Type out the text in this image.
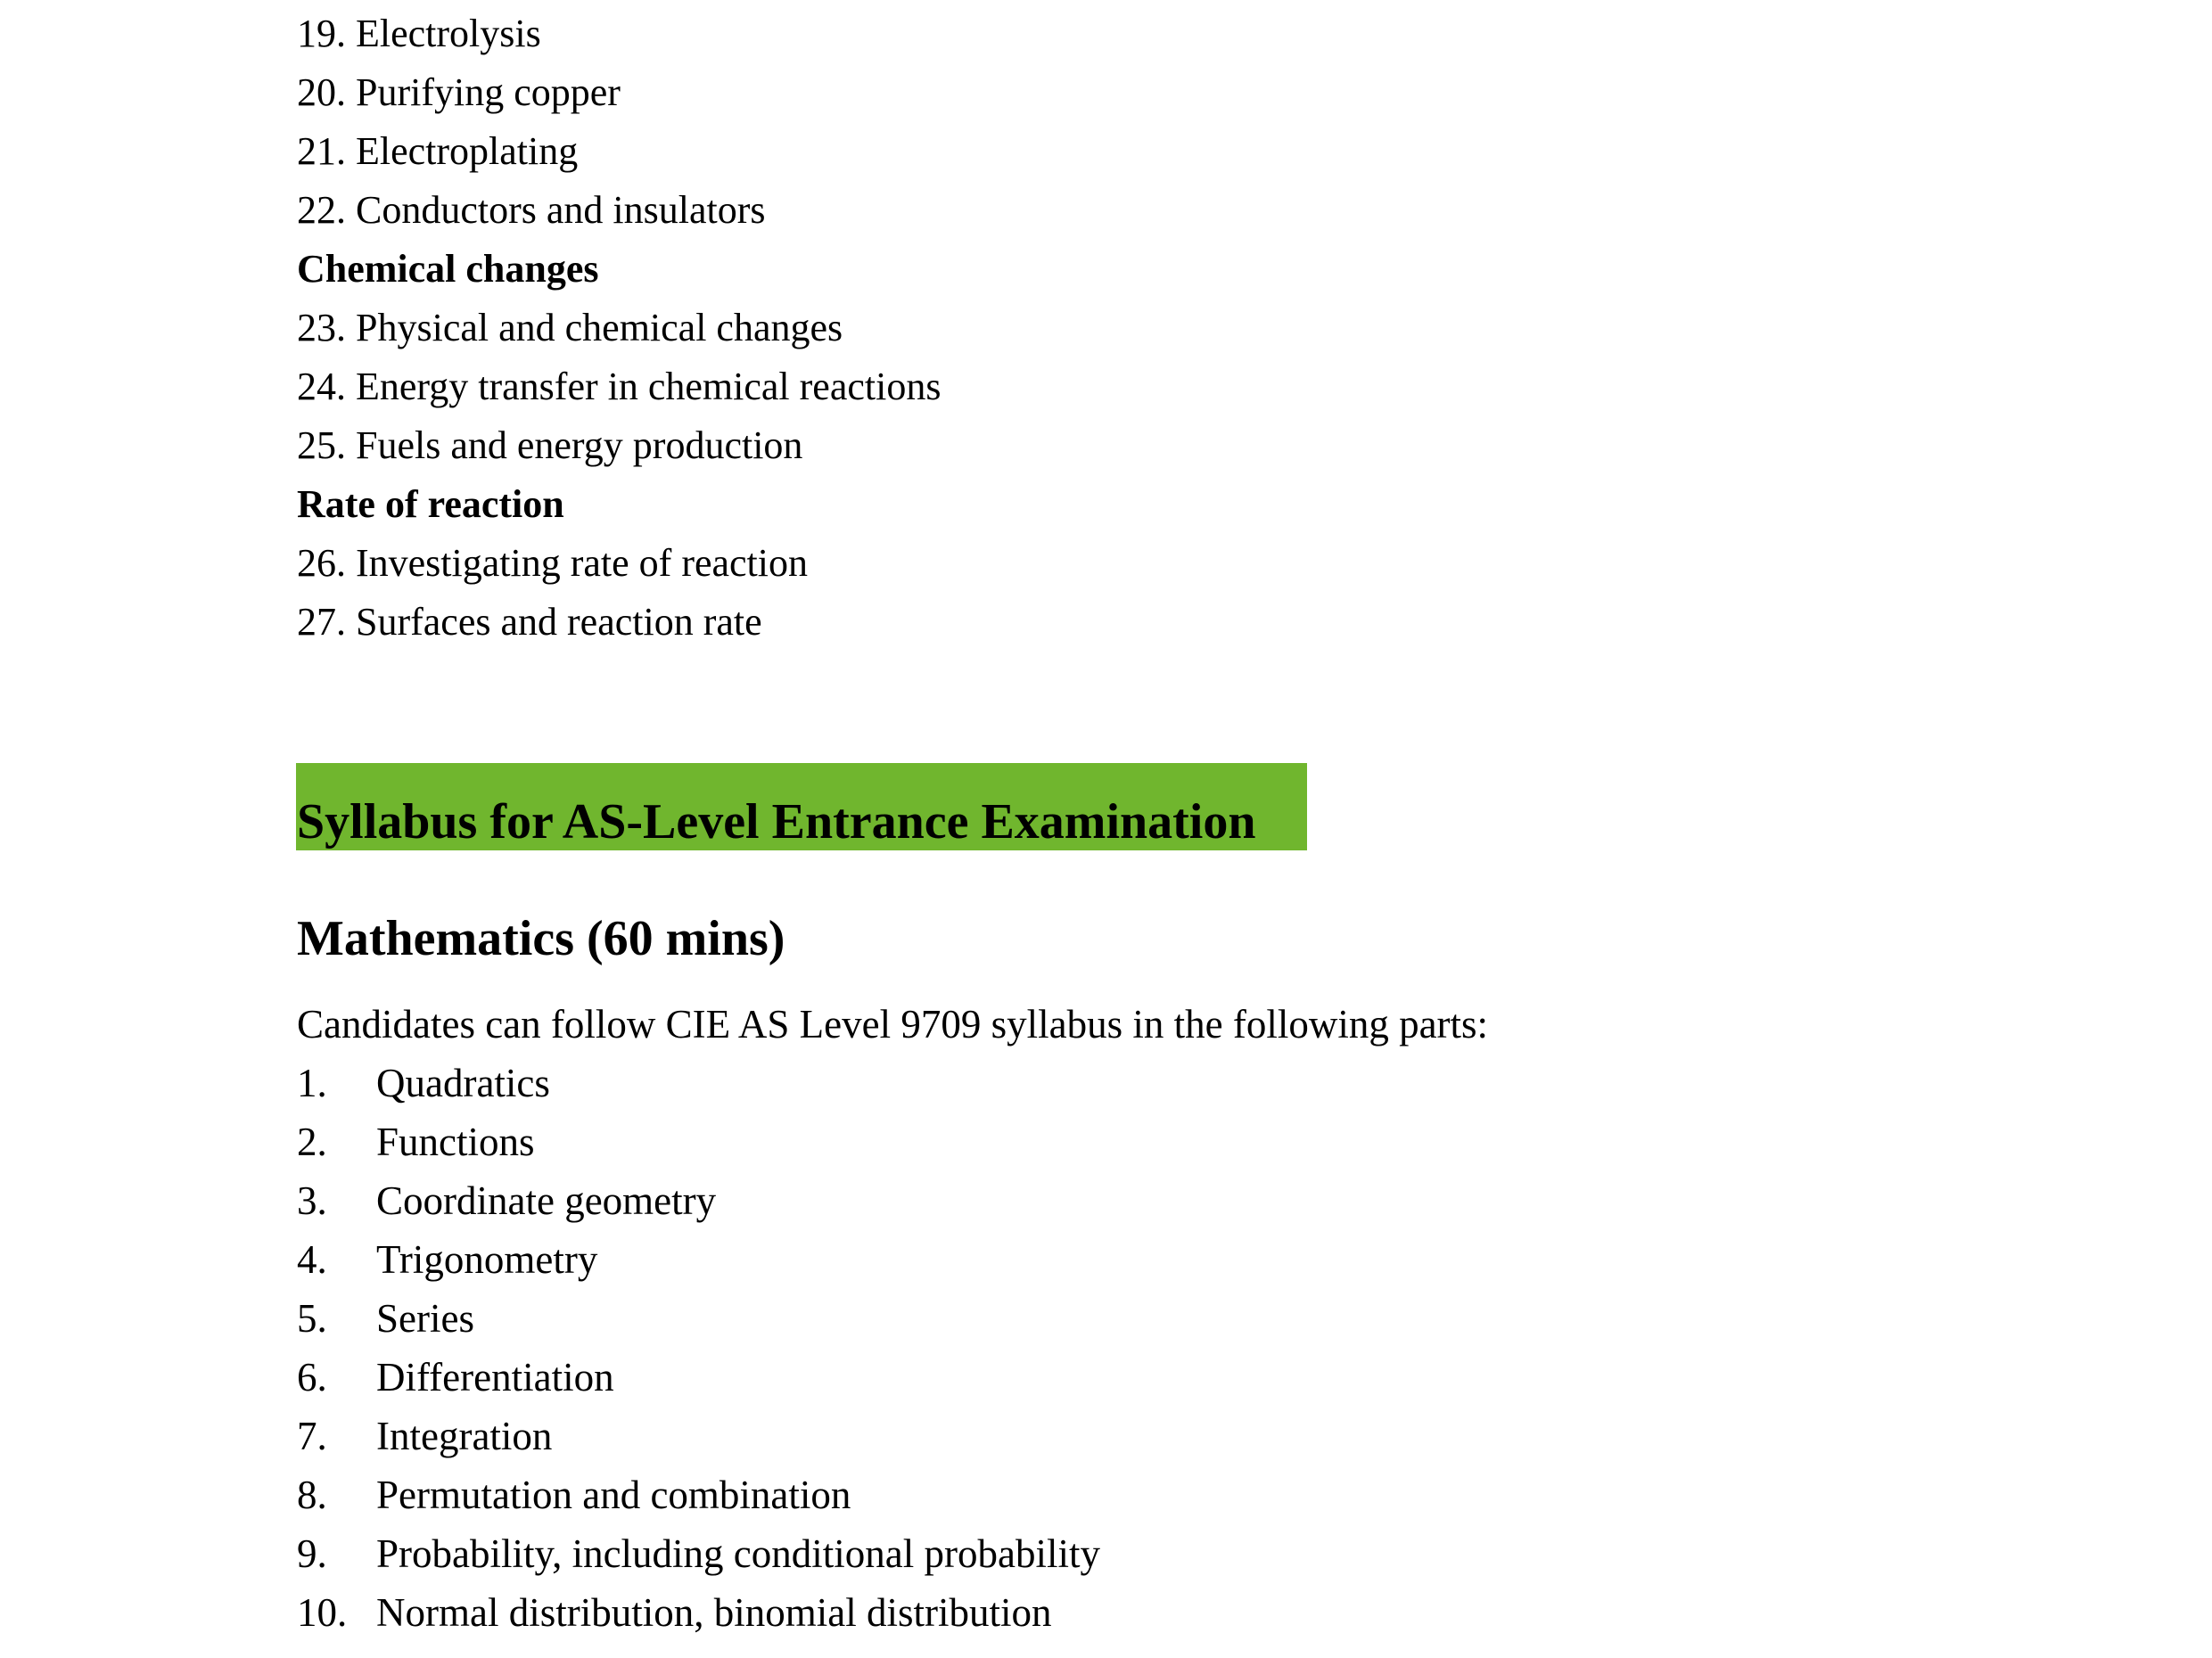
19. Electrolysis
20. Purifying copper
21. Electroplating
22. Conductors and insulators
Chemical changes
23. Physical and chemical changes
24. Energy transfer in chemical reactions
25. Fuels and energy production
Rate of reaction
26. Investigating rate of reaction
27. Surfaces and reaction rate
Syllabus for AS-Level Entrance Examination
Mathematics (60 mins)
Candidates can follow CIE AS Level 9709 syllabus in the following parts:
1. Quadratics
2. Functions
3. Coordinate geometry
4. Trigonometry
5. Series
6. Differentiation
7. Integration
8. Permutation and combination
9. Probability, including conditional probability
10. Normal distribution, binomial distribution
